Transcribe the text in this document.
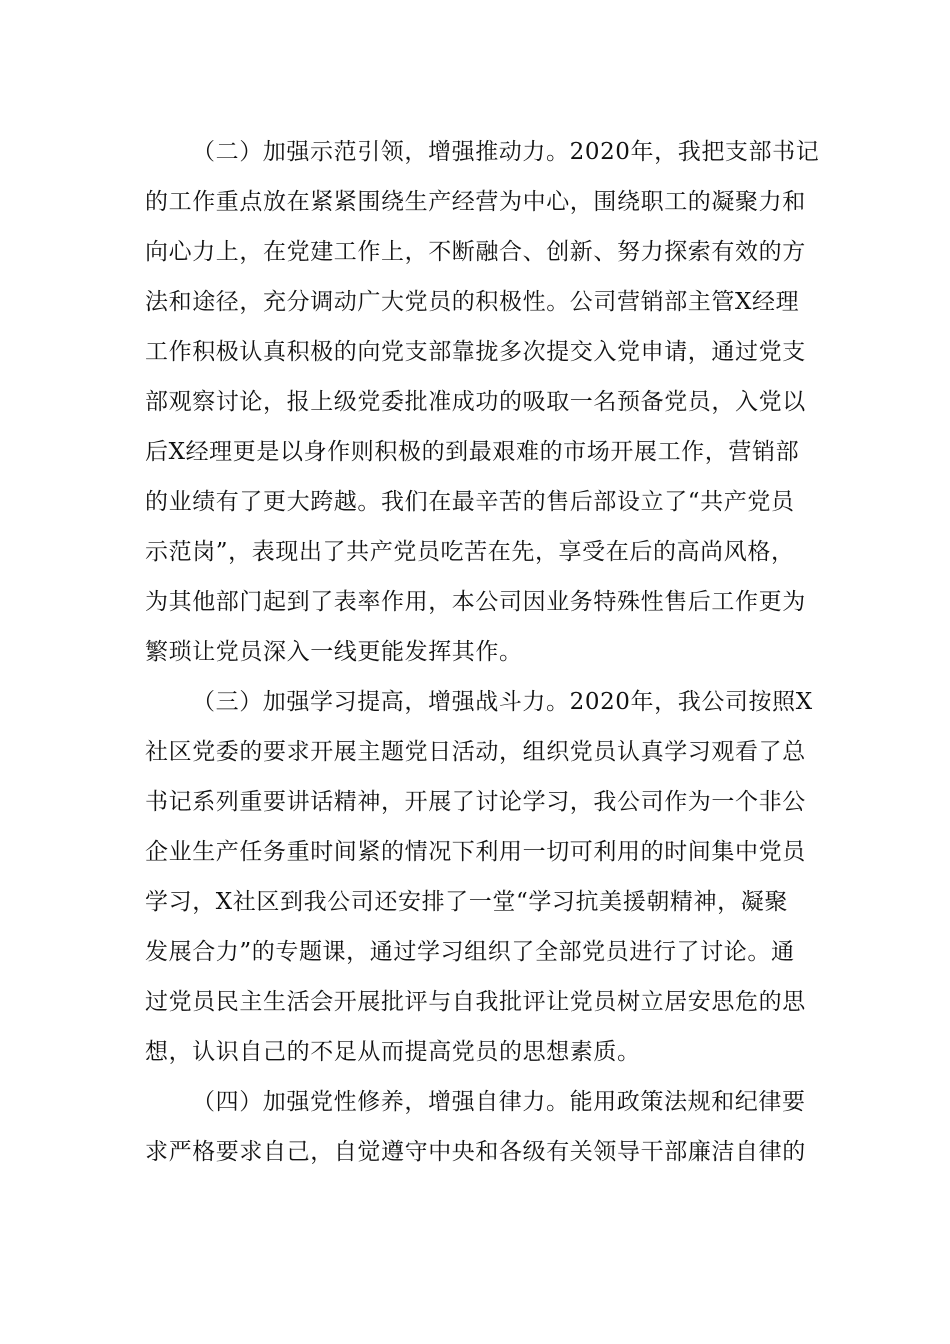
（二）加强示范引领，增强推动力。2020年，我把支部书记

的工作重点放在紧紧围绕生产经营为中心，围绕职工的凝聚力和

向心力上，在党建工作上，不断融合、创新、努力探索有效的方

法和途径，充分调动广大党员的积极性。公司营销部主管X经理

工作积极认真积极的向党支部靠拢多次提交入党申请，通过党支

部观察讨论，报上级党委批准成功的吸取一名预备党员，入党以

后X经理更是以身作则积极的到最艰难的市场开展工作，营销部

的业绩有了更大跨越。我们在最辛苦的售后部设立了“共产党员

示范岗”，表现出了共产党员吃苦在先，享受在后的高尚风格，

为其他部门起到了表率作用，本公司因业务特殊性售后工作更为

繁琐让党员深入一线更能发挥其作。

（三）加强学习提高，增强战斗力。2020年，我公司按照X

社区党委的要求开展主题党日活动，组织党员认真学习观看了总

书记系列重要讲话精神，开展了讨论学习，我公司作为一个非公

企业生产任务重时间紧的情况下利用一切可利用的时间集中党员

学习，X社区到我公司还安排了一堂“学习抗美援朝精神，凝聚

发展合力”的专题课，通过学习组织了全部党员进行了讨论。通

过党员民主生活会开展批评与自我批评让党员树立居安思危的思

想，认识自己的不足从而提高党员的思想素质。

（四）加强党性修养，增强自律力。能用政策法规和纪律要

求严格要求自己，自觉遵守中央和各级有关领导干部廉洁自律的
